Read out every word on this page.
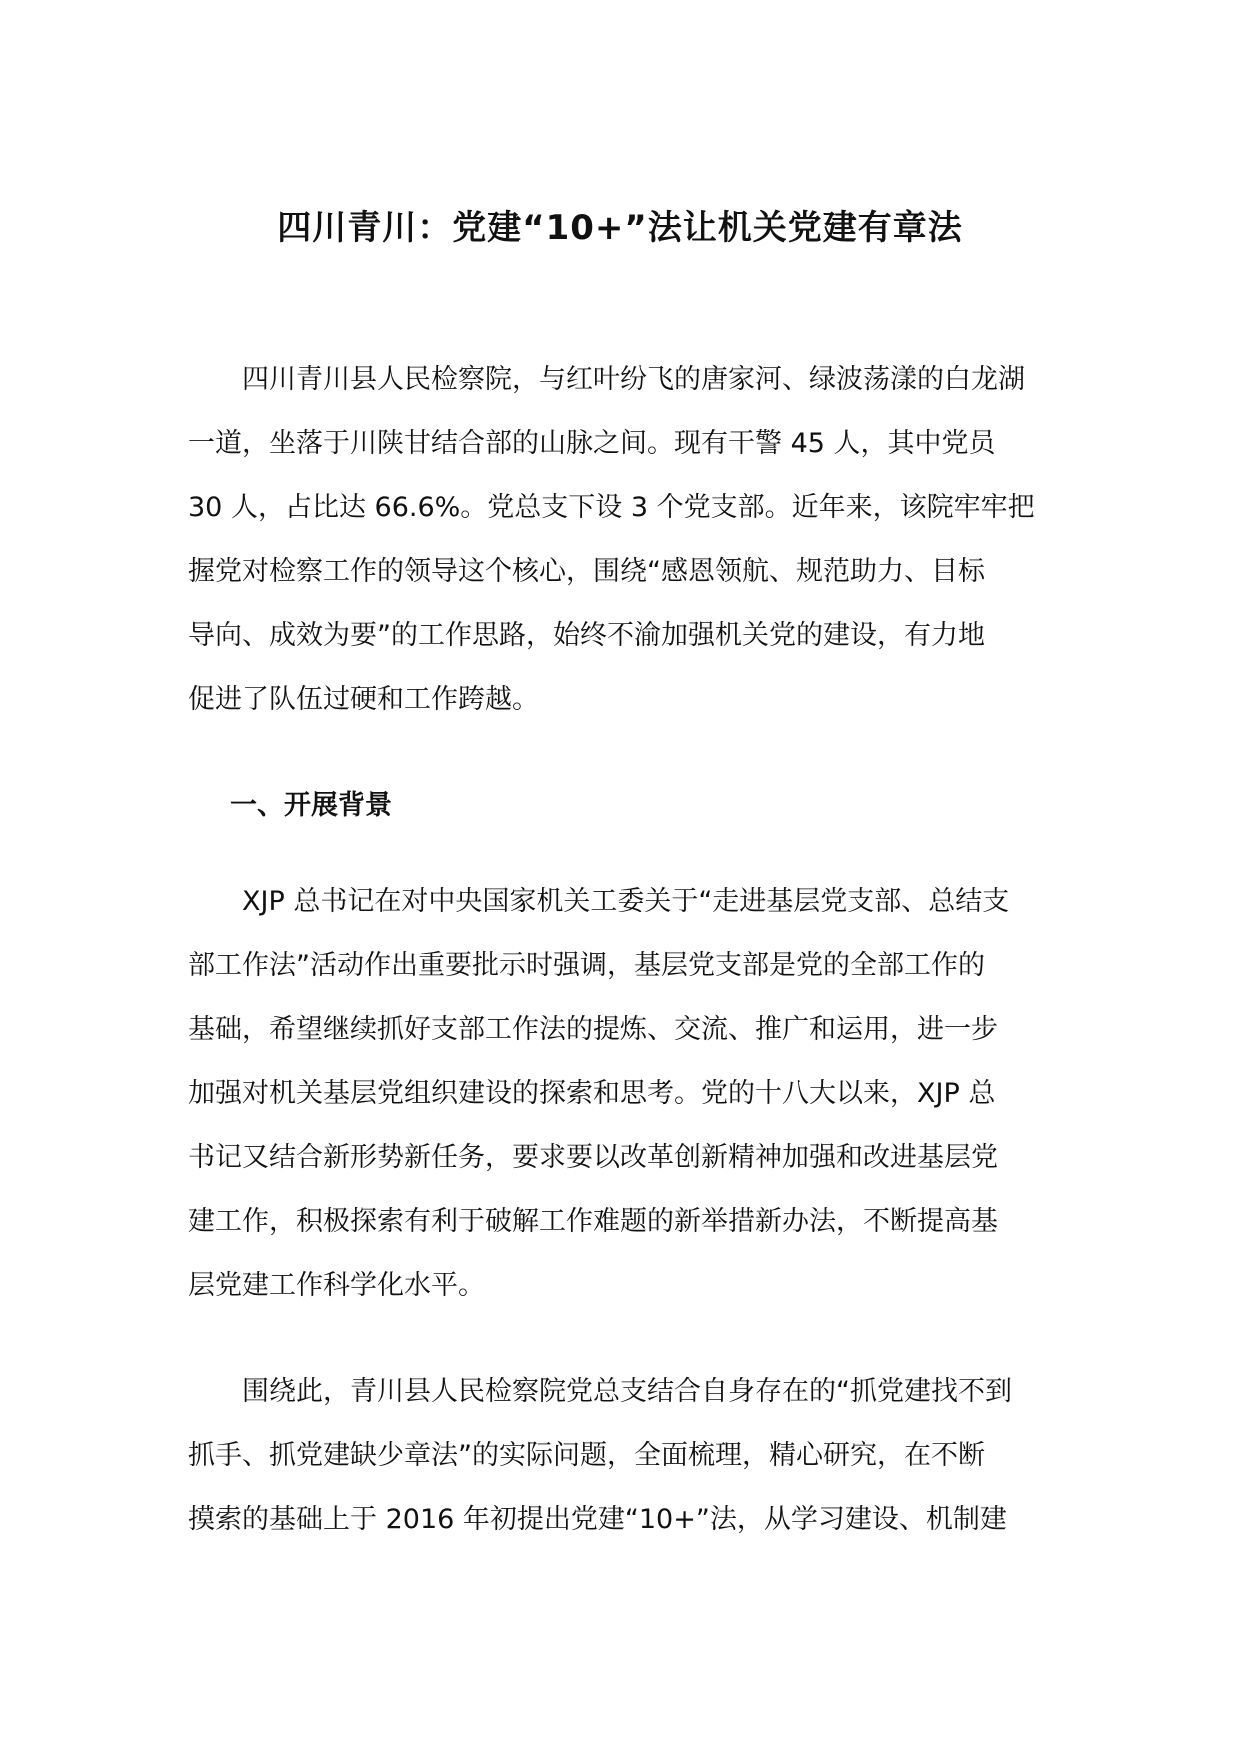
四川青川：党建“10+”法让机关党建有章法
四川青川县人民检察院，与红叶纷飞的唐家河、绿波荡漾的白龙湖
一道，坐落于川陕甘结合部的山脉之间。现有干警 45 人，其中党员
30 人，占比达 66.6%。党总支下设 3 个党支部。近年来，该院牢牢把
握党对检察工作的领导这个核心，围绕“感恩领航、规范助力、目标
导向、成效为要”的工作思路，始终不渝加强机关党的建设，有力地
促进了队伍过硬和工作跨越。
一、开展背景
XJP 总书记在对中央国家机关工委关于“走进基层党支部、总结支
部工作法”活动作出重要批示时强调，基层党支部是党的全部工作的
基础，希望继续抓好支部工作法的提炼、交流、推广和运用，进一步
加强对机关基层党组织建设的探索和思考。党的十八大以来，XJP 总
书记又结合新形势新任务，要求要以改革创新精神加强和改进基层党
建工作，积极探索有利于破解工作难题的新举措新办法，不断提高基
层党建工作科学化水平。
围绕此，青川县人民检察院党总支结合自身存在的“抓党建找不到
抓手、抓党建缺少章法”的实际问题，全面梳理，精心研究，在不断
摸索的基础上于 2016 年初提出党建“10+”法，从学习建设、机制建
